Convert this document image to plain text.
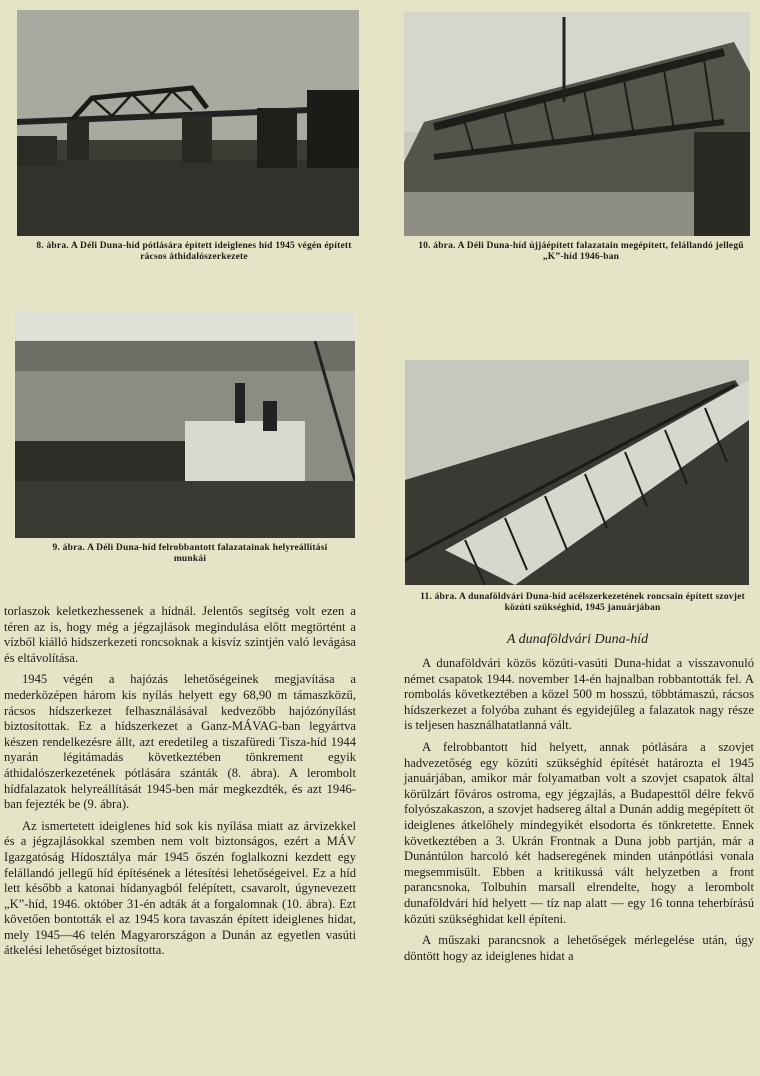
8. ábra. A Déli Duna-híd pótlására épített ideiglenes híd 1945 végén épített rácsos áthidalószerkezete
10. ábra. A Déli Duna-híd újjáépített falazatain megépített, felállandó jellegű „K”-híd 1946-ban
9. ábra. A Déli Duna-híd felrobbantott falazatainak helyreállítási munkái
11. ábra. A dunaföldvári Duna-híd acélszerkezetének roncsain épített szovjet közúti szükséghíd, 1945 januárjában

torlaszok keletkezhessenek a hídnál. Jelentős segítség volt ezen a téren az is, hogy még a jégzajlások megindulása előtt megtörtént a vízből kiálló hídszerkezeti roncsoknak a kisvíz szintjén való levágása és eltávolítása.

1945 végén a hajózás lehetőségeinek megjavítása a mederközépen három kis nyílás helyett egy 68,90 m támaszközű, rácsos hídszerkezet felhasználásával kedvezőbb hajózónyílást biztosítottak. Ez a hídszerkezet a Ganz-MÁVAG-ban legyártva készen rendelkezésre állt, azt eredetileg a tiszafüredi Tisza-híd 1944 nyarán légitámadás következtében tönkrement egyik áthidalószerkezetének pótlására szánták (8. ábra). A lerombolt hídfalazatok helyreállítását 1945-ben már megkezdték, és azt 1946-ban fejezték be (9. ábra).

Az ismertetett ideiglenes híd sok kis nyílása miatt az árvizekkel és a jégzajlásokkal szemben nem volt biztonságos, ezért a MÁV Igazgatóság Hídosztálya már 1945 őszén foglalkozni kezdett egy felállandó jellegű híd építésének a létesítési lehetőségeivel. Ez a híd lett később a katonai hídanyagból felépített, csavarolt, úgynevezett „K”-híd, 1946. október 31-én adták át a forgalomnak (10. ábra). Ezt követően bontották el az 1945 kora tavaszán épített ideiglenes hidat, mely 1945—46 telén Magyarországon a Dunán az egyetlen vasúti átkelési lehetőséget biztosította.

A dunaföldvári Duna-híd

A dunaföldvári közös közúti-vasúti Duna-hidat a visszavonuló német csapatok 1944. november 14-én hajnalban robbantották fel. A rombolás következtében a közel 500 m hosszú, többtámaszú, rácsos hídszerkezet a folyóba zuhant és egyidejűleg a falazatok nagy része is teljesen használhatatlanná vált.

A felrobbantott híd helyett, annak pótlására a szovjet hadvezetőség egy közúti szükséghíd építését határozta el 1945 januárjában, amikor már folyamatban volt a szovjet csapatok által körülzárt főváros ostroma, egy jégzajlás, a Budapesttől délre fekvő folyószakaszon, a szovjet hadsereg által a Dunán addig megépített öt ideiglenes átkelőhely mindegyikét elsodorta és tönkretette. Ennek következtében a 3. Ukrán Frontnak a Duna jobb partján, már a Dunántúlon harcoló két hadseregének minden utánpótlási vonala megsemmisült. Ebben a kritikussá vált helyzetben a front parancsnoka, Tolbuhin marsall elrendelte, hogy a lerombolt dunaföldvári híd helyett — tíz nap alatt — egy 16 tonna teherbírású közúti szükséghidat kell építeni.

A műszaki parancsnok a lehetőségek mérlegelése után, úgy döntött hogy az ideiglenes hidat a
